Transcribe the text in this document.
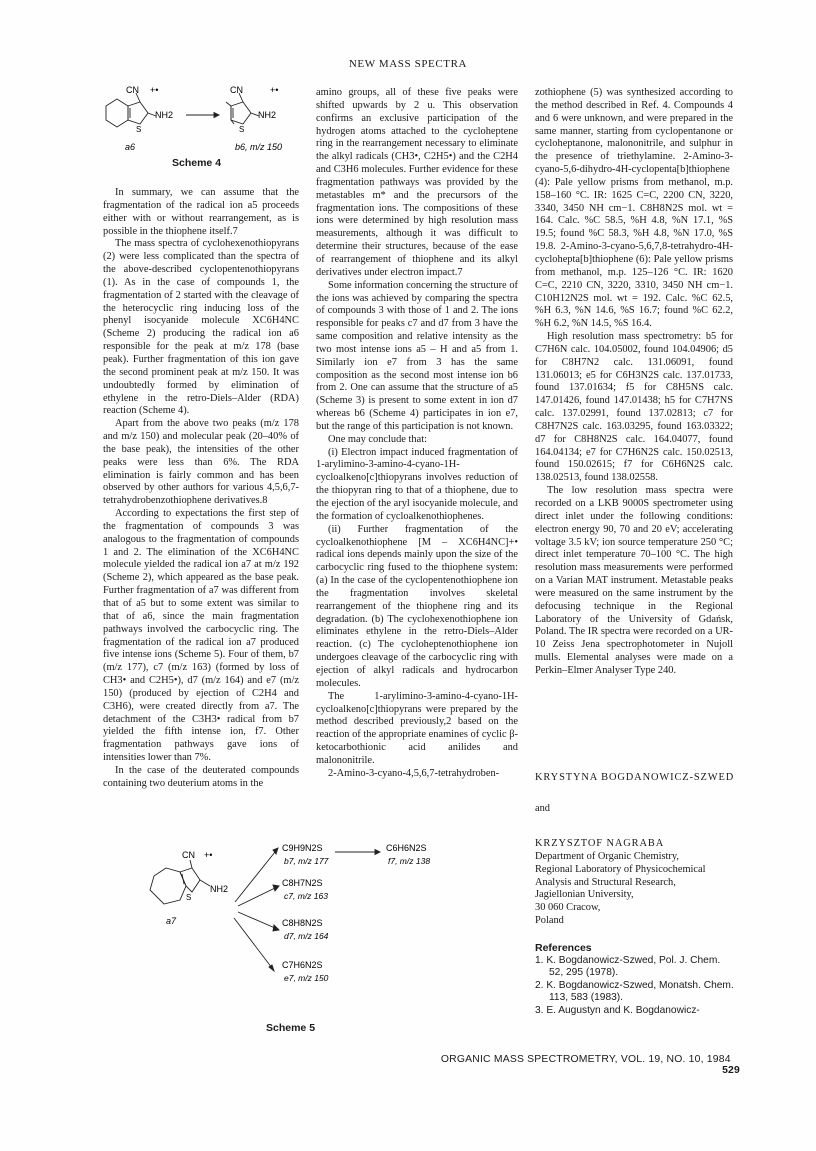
NEW MASS SPECTRA
CN +•
NH2
S
CN	+•
NH2
S
a6	b6, m/z 150
Scheme 4

In summary, we can assume that the fragmentation of the radical ion a5 proceeds either with or without rearrangement, as is possible in the thiophene itself.7

The mass spectra of cyclohexenothiopyrans (2) were less complicated than the spectra of the above-described cyclopentenothiopyrans (1). As in the case of compounds 1, the fragmentation of 2 started with the cleavage of the heterocyclic ring inducing loss of the phenyl isocyanide molecule XC6H4NC (Scheme 2) producing the radical ion a6 responsible for the peak at m/z 178 (base peak). Further fragmentation of this ion gave the second prominent peak at m/z 150. It was undoubtedly formed by elimination of ethylene in the retro-Diels–Alder (RDA) reaction (Scheme 4).

Apart from the above two peaks (m/z 178 and m/z 150) and molecular peak (20–40% of the base peak), the intensities of the other peaks were less than 6%. The RDA elimination is fairly common and has been observed by other authors for various 4,5,6,7-tetrahydrobenzothiophene derivatives.8

According to expectations the first step of the fragmentation of compounds 3 was analogous to the fragmentation of compounds 1 and 2. The elimination of the XC6H4NC molecule yielded the radical ion a7 at m/z 192 (Scheme 2), which appeared as the base peak. Further fragmentation of a7 was different from that of a5 but to some extent was similar to that of a6, since the main fragmentation pathways involved the carbocyclic ring. The fragmentation of the radical ion a7 produced five intense ions (Scheme 5). Four of them, b7 (m/z 177), c7 (m/z 163) (formed by loss of CH3• and C2H5•), d7 (m/z 164) and e7 (m/z 150) (produced by ejection of C2H4 and C3H6), were created directly from a7. The detachment of the C3H3• radical from b7 yielded the fifth intense ion, f7. Other fragmentation pathways gave ions of intensities lower than 7%.

In the case of the deuterated compounds containing two deuterium atoms in the

amino groups, all of these five peaks were shifted upwards by 2 u. This observation confirms an exclusive participation of the hydrogen atoms attached to the cycloheptene ring in the rearrangement necessary to eliminate the alkyl radicals (CH3•, C2H5•) and the C2H4 and C3H6 molecules. Further evidence for these fragmentation pathways was provided by the metastables m* and the precursors of the fragmentation ions. The compositions of these ions were determined by high resolution mass measurements, although it was difficult to determine their structures, because of the ease of rearrangement of thiophene and its alkyl derivatives under electron impact.7

Some information concerning the structure of the ions was achieved by comparing the spectra of compounds 3 with those of 1 and 2. The ions responsible for peaks c7 and d7 from 3 have the same composition and relative intensity as the two most intense ions a5 – H and a5 from 1. Similarly ion e7 from 3 has the same composition as the second most intense ion b6 from 2. One can assume that the structure of a5 (Scheme 3) is present to some extent in ion d7 whereas b6 (Scheme 4) participates in ion e7, but the range of this participation is not known.

One may conclude that:

(i) Electron impact induced fragmentation of 1-arylimino-3-amino-4-cyano-1H-cycloalkeno[c]thiopyrans involves reduction of the thiopyran ring to that of a thiophene, due to the ejection of the aryl isocyanide molecule, and the formation of cycloalkenothiophenes.

(ii) Further fragmentation of the cycloalkenothiophene [M – XC6H4NC]+• radical ions depends mainly upon the size of the carbocyclic ring fused to the thiophene system: (a) In the case of the cyclopentenothiophene ion the fragmentation involves skeletal rearrangement of the thiophene ring and its degradation. (b) The cyclohexenothiophene ion eliminates ethylene in the retro-Diels–Alder reaction. (c) The cycloheptenothiophene ion undergoes cleavage of the carbocyclic ring with ejection of alkyl radicals and hydrocarbon molecules.

The 1-arylimino-3-amino-4-cyano-1H-cycloalkeno[c]thiopyrans were prepared by the method described previously,2 based on the reaction of the appropriate enamines of cyclic β-ketocarbothionic acid anilides and malononitrile.

2-Amino-3-cyano-4,5,6,7-tetrahydroben-

zothiophene (5) was synthesized according to the method described in Ref. 4. Compounds 4 and 6 were unknown, and were prepared in the same manner, starting from cyclopentanone or cycloheptanone, malononitrile, and sulphur in the presence of triethylamine. 2-Amino-3-cyano-5,6-dihydro-4H-cyclopenta[b]thiophene (4): Pale yellow prisms from methanol, m.p. 158–160 °C. IR: 1625 C=C, 2200 CN, 3220, 3340, 3450 NH cm−1. C8H8N2S mol. wt = 164. Calc. %C 58.5, %H 4.8, %N 17.1, %S 19.5; found %C 58.3, %H 4.8, %N 17.0, %S 19.8. 2-Amino-3-cyano-5,6,7,8-tetrahydro-4H-cyclohepta[b]thiophene (6): Pale yellow prisms from methanol, m.p. 125–126 °C. IR: 1620 C=C, 2210 CN, 3220, 3310, 3450 NH cm−1. C10H12N2S mol. wt = 192. Calc. %C 62.5, %H 6.3, %N 14.6, %S 16.7; found %C 62.2, %H 6.2, %N 14.5, %S 16.4.

High resolution mass spectrometry: b5 for C7H6N calc. 104.05002, found 104.04906; d5 for C8H7N2 calc. 131.06091, found 131.06013; e5 for C6H3N2S calc. 137.01733, found 137.01634; f5 for C8H5NS calc. 147.01426, found 147.01438; h5 for C7H7NS calc. 137.02991, found 137.02813; c7 for C8H7N2S calc. 163.03295, found 163.03322; d7 for C8H8N2S calc. 164.04077, found 164.04134; e7 for C7H6N2S calc. 150.02513, found 150.02615; f7 for C6H6N2S calc. 138.02513, found 138.02558.

The low resolution mass spectra were recorded on a LKB 9000S spectrometer using direct inlet under the following conditions: electron energy 90, 70 and 20 eV; accelerating voltage 3.5 kV; ion source temperature 250 °C; direct inlet temperature 70–100 °C. The high resolution mass measurements were performed on a Varian MAT instrument. Metastable peaks were measured on the same instrument by the defocusing technique in the Regional Laboratory of the University of Gdańsk, Poland. The IR spectra were recorded on a UR-10 Zeiss Jena spectrophotometer in Nujoll mulls. Elemental analyses were made on a Perkin–Elmer Analyser Type 240.

CN +•
NH2
S
a7
C9H9N2S
b7, m/z 177
C8H7N2S
c7, m/z 163
C8H8N2S
d7, m/z 164
C7H6N2S
e7, m/z 150
C6H6N2S
f7, m/z 138
Scheme 5
KRYSTYNA BOGDANOWICZ-SZWED
and
KRZYSZTOF NAGRABA
Department of Organic Chemistry,
Regional Laboratory of Physicochemical
Analysis and Structural Research,
Jagiellonian University,
30 060 Cracow,
Poland
References
1. K. Bogdanowicz-Szwed, Pol. J. Chem. 52, 295 (1978).
2. K. Bogdanowicz-Szwed, Monatsh. Chem. 113, 583 (1983).
3. E. Augustyn and K. Bogdanowicz-
ORGANIC MASS SPECTROMETRY, VOL. 19, NO. 10, 1984    529
